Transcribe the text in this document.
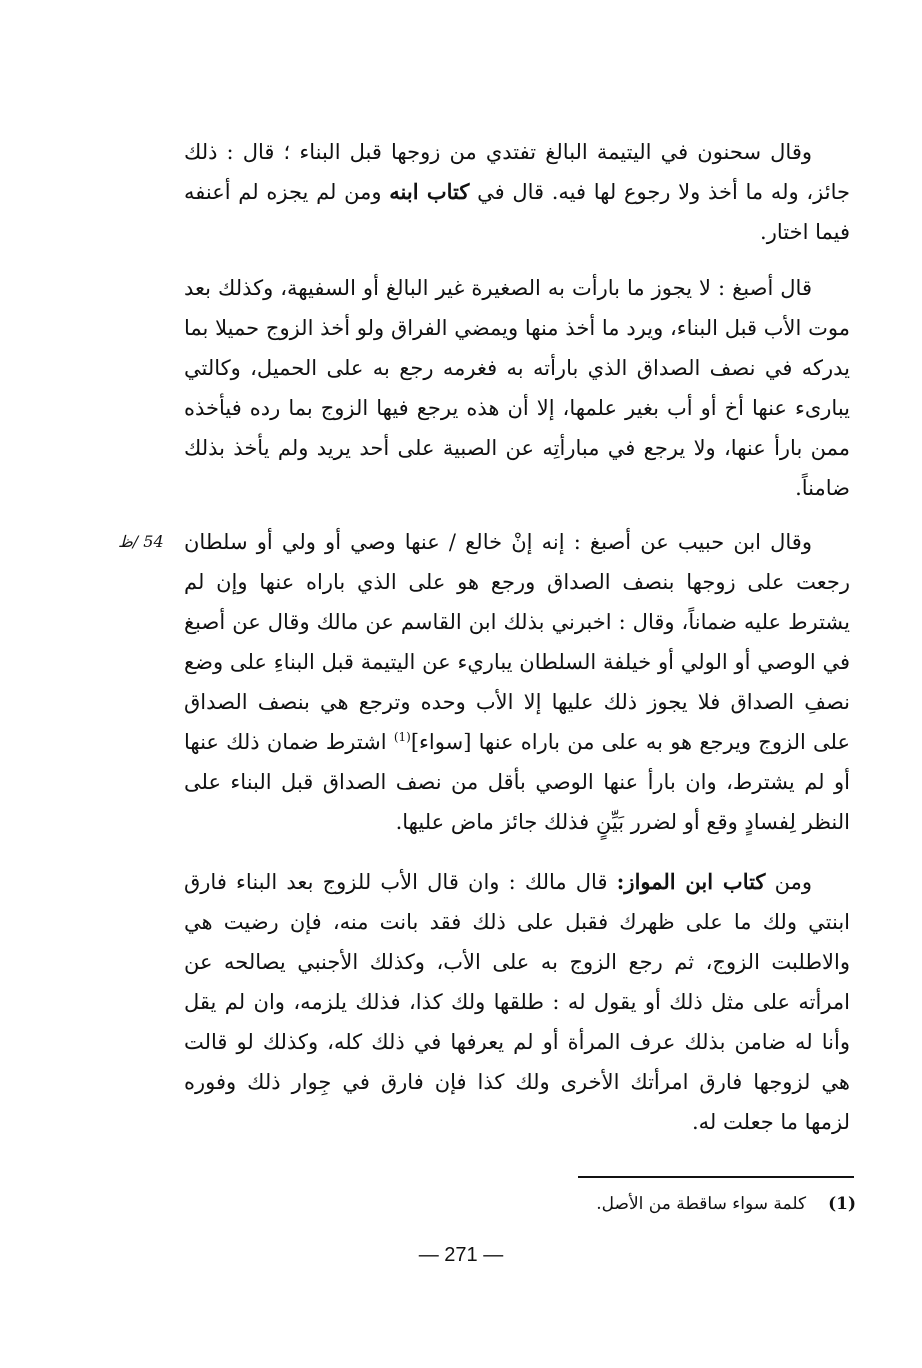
وقال سحنون في اليتيمة البالغ تفتدي من زوجها قبل البناء ؛ قال : ذلك جائز، وله ما أخذ ولا رجوع لها فيه. قال في كتاب ابنه ومن لم يجزه لم أعنفه فيما اختار.

قال أصبغ : لا يجوز ما بارأت به الصغيرة غير البالغ أو السفيهة، وكذلك بعد موت الأب قبل البناء، ويرد ما أخذ منها ويمضي الفراق ولو أخذ الزوج حميلا بما يدركه في نصف الصداق الذي بارأته به فغرمه رجع به على الحميل، وكالتي يبارىء عنها أخ أو أب بغير علمها، إلا أن هذه يرجع فيها الزوج بما رده فيأخذه ممن بارأ عنها، ولا يرجع في مبارأتِه عن الصبية على أحد يريد ولم يأخذ بذلك ضامناً.

54 /ظ وقال ابن حبيب عن أصبغ : إنه إنْ خالع / عنها وصي أو ولي أو سلطان رجعت على زوجها بنصف الصداق ورجع هو على الذي باراه عنها وإن لم يشترط عليه ضماناً، وقال : اخبرني بذلك ابن القاسم عن مالك وقال عن أصبغ في الوصي أو الولي أو خيلفة السلطان يباريء عن اليتيمة قبل البناءِ على وضع نصفِ الصداق فلا يجوز ذلك عليها إلا الأب وحده وترجع هي بنصف الصداق على الزوج ويرجع هو به على من باراه عنها [سواء]$^{(1)}$ اشترط ضمان ذلك عنها أو لم يشترط، وان بارأ عنها الوصي بأقل من نصف الصداق قبل البناء على النظر لِفسادٍ وقع أو لضرر بَيِّنٍ فذلك جائز ماض عليها.

ومن كتاب ابن المواز: قال مالك : وان قال الأب للزوج بعد البناء فارق ابنتي ولك ما على ظهرك فقبل على ذلك فقد بانت منه، فإن رضيت هي والاطلبت الزوج، ثم رجع الزوج به على الأب، وكذلك الأجنبي يصالحه عن امرأته على مثل ذلك أو يقول له : طلقها ولك كذا، فذلك يلزمه، وان لم يقل وأنا له ضامن بذلك عرف المرأة أو لم يعرفها في ذلك كله، وكذلك لو قالت هي لزوجها فارق امرأتك الأخرى ولك كذا فإن فارق في جِوار ذلك وفوره لزمها ما جعلت له.

(1)كلمة سواء ساقطة من الأصل.
— 271 —
